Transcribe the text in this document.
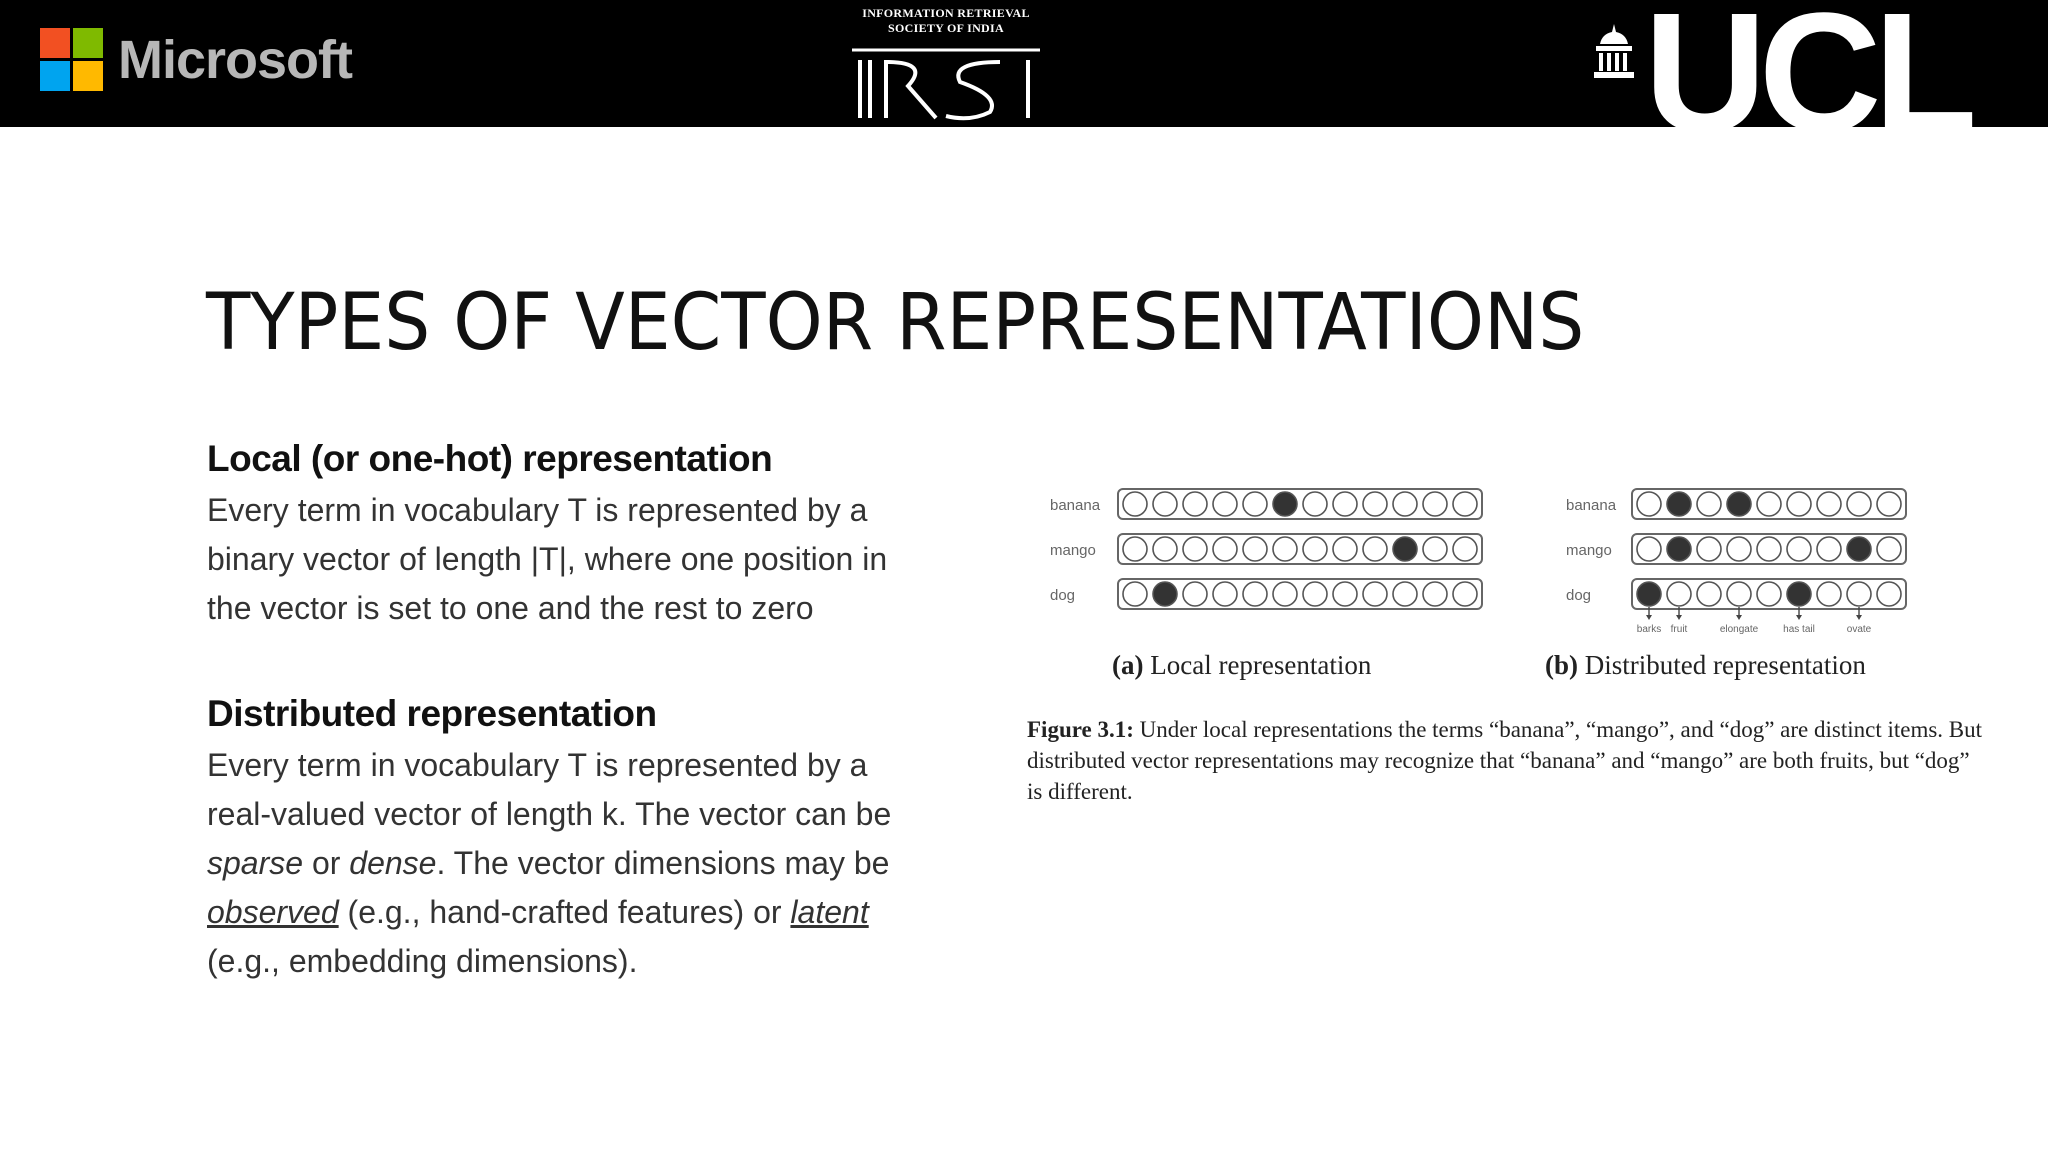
Microsoft
INFORMATION RETRIEVAL
SOCIETY OF INDIA	UCL
TYPES OF VECTOR REPRESENTATIONS
Local (or one-hot) representation

Every term in vocabulary T is represented by a binary vector of length |T|, where one position in the vector is set to one and the rest to zero

Distributed representation

Every term in vocabulary T is represented by a real-valued vector of length k. The vector can be sparse or dense. The vector dimensions may be observed (e.g., hand-crafted features) or latent (e.g., embedding dimensions).

banana
mango
dog
banana
mango
dog
barks fruit	elongate has tail	ovate
(a) Local representation	(b) Distributed representation
Figure 3.1: Under local representations the terms “banana”, “mango”, and “dog” are distinct items. But distributed vector representations may recognize that “banana” and “mango” are both fruits, but “dog” is different.
